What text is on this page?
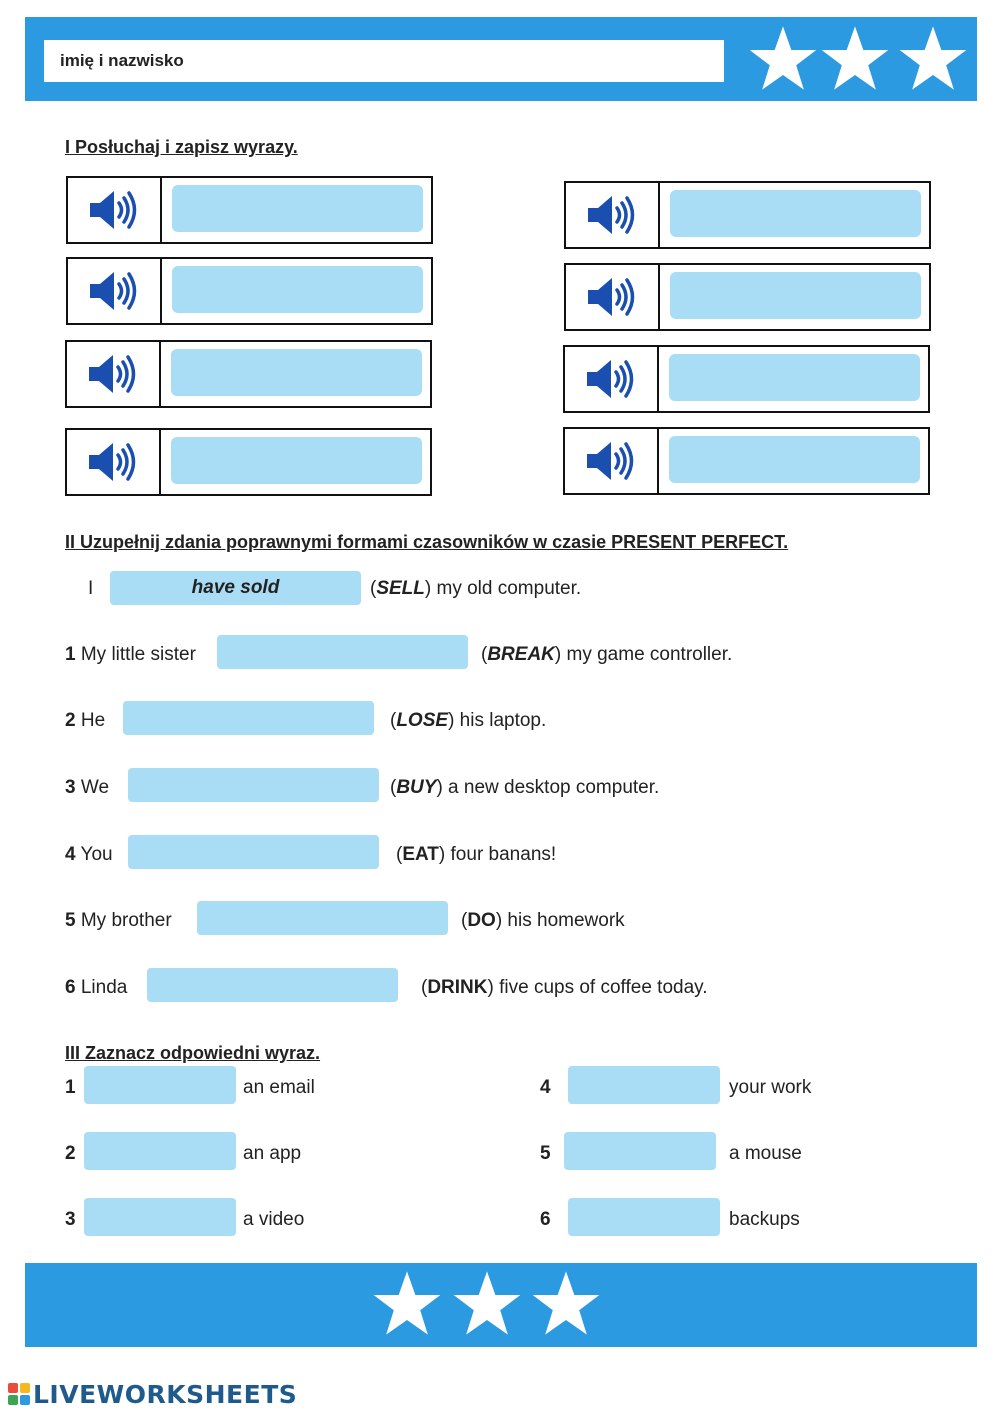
imię i nazwisko
I Posłuchaj i zapisz wyrazy.
II Uzupełnij zdania poprawnymi formami czasowników w czasie PRESENT PERFECT.
I	have sold	(SELL) my old computer.
1 My little sister	(BREAK) my game controller.
2 He	(LOSE) his laptop.
3 We	(BUY) a new desktop computer.
4 You	(EAT) four banans!
5 My brother	(DO) his homework
6 Linda	(DRINK) five cups of coffee today.
III Zaznacz odpowiedni wyraz.
1	an email
2	an app
3	a video
4	your work
5	a mouse
6	backups
LIVEWORKSHEETS
